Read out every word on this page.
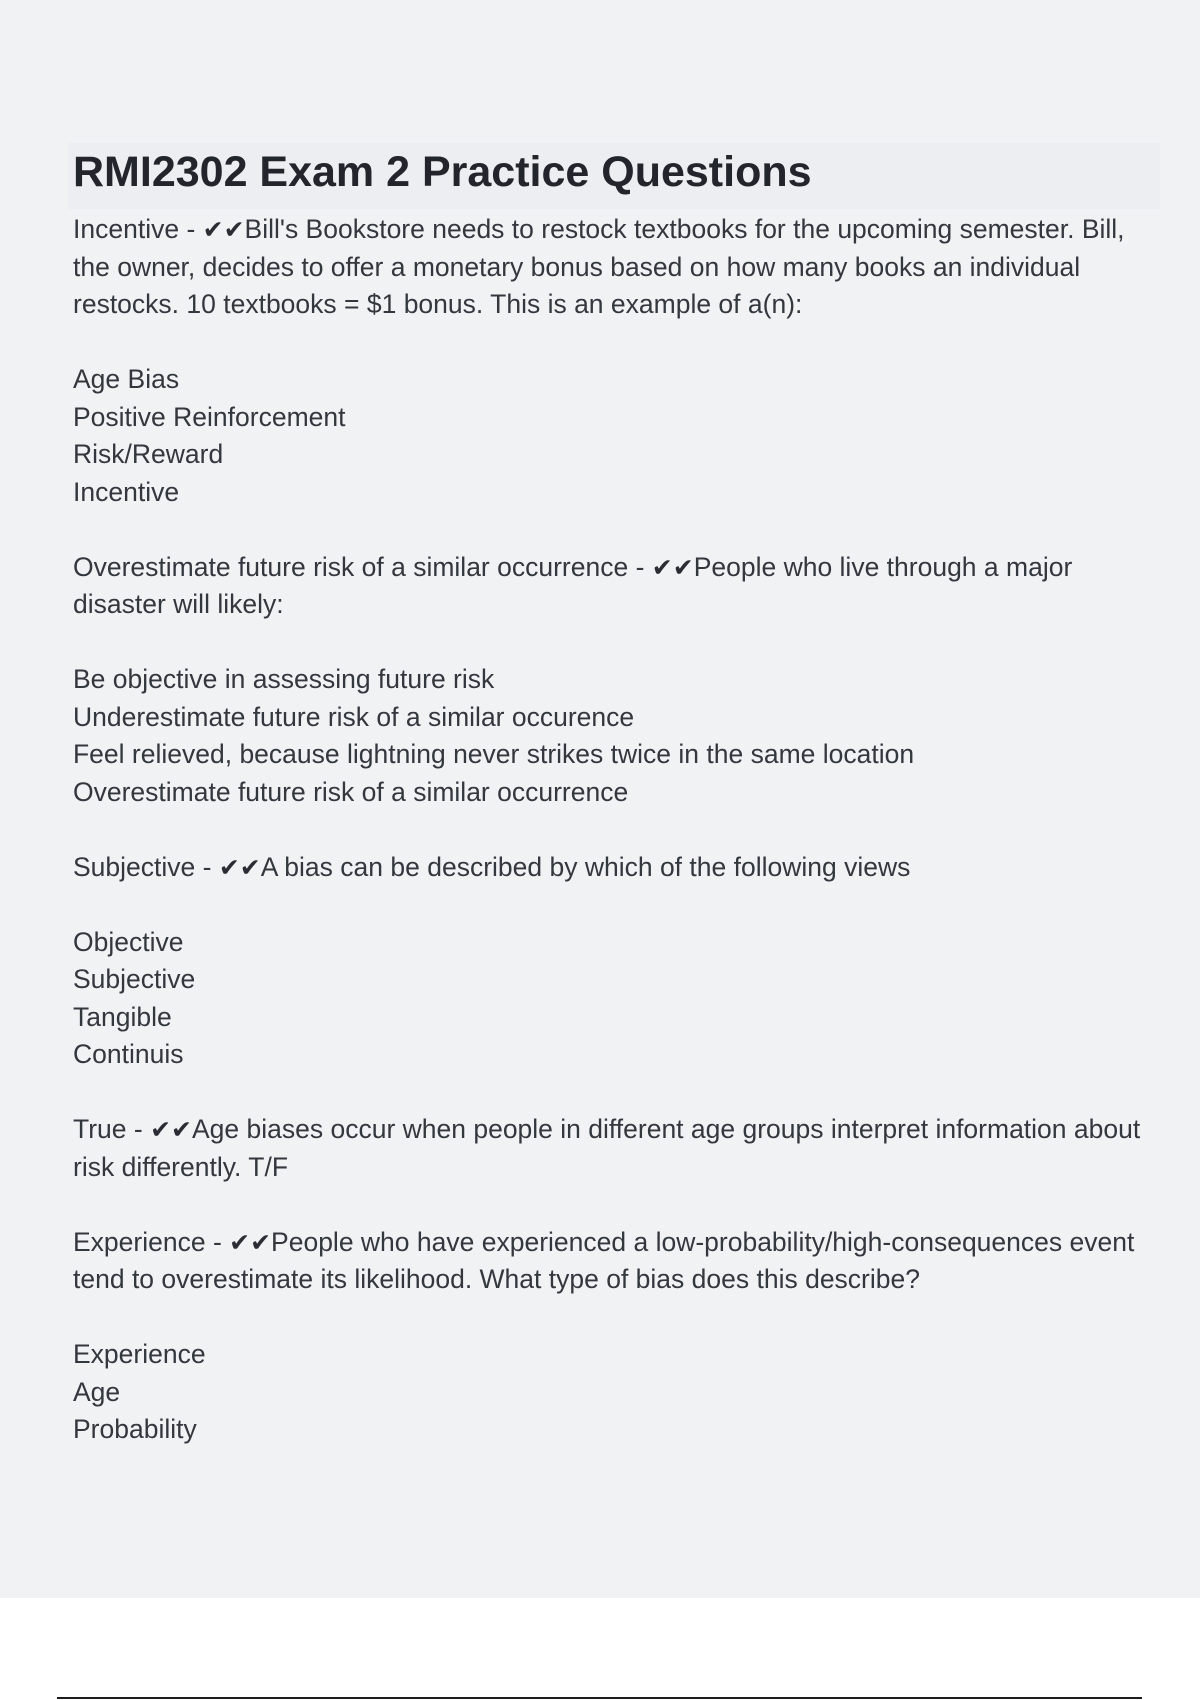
RMI2302 Exam 2 Practice Questions

Incentive - ✔✔Bill's Bookstore needs to restock textbooks for the upcoming semester. Bill, the owner, decides to offer a monetary bonus based on how many books an individual restocks. 10 textbooks = $1 bonus. This is an example of a(n):

Age Bias
Positive Reinforcement
Risk/Reward
Incentive

Overestimate future risk of a similar occurrence - ✔✔People who live through a major disaster will likely:

Be objective in assessing future risk
Underestimate future risk of a similar occurence
Feel relieved, because lightning never strikes twice in the same location
Overestimate future risk of a similar occurrence

Subjective - ✔✔A bias can be described by which of the following views

Objective
Subjective
Tangible
Continuis

True - ✔✔Age biases occur when people in different age groups interpret information about risk differently. T/F

Experience - ✔✔People who have experienced a low-probability/high-consequences event tend to overestimate its likelihood. What type of bias does this describe?

Experience
Age
Probability
